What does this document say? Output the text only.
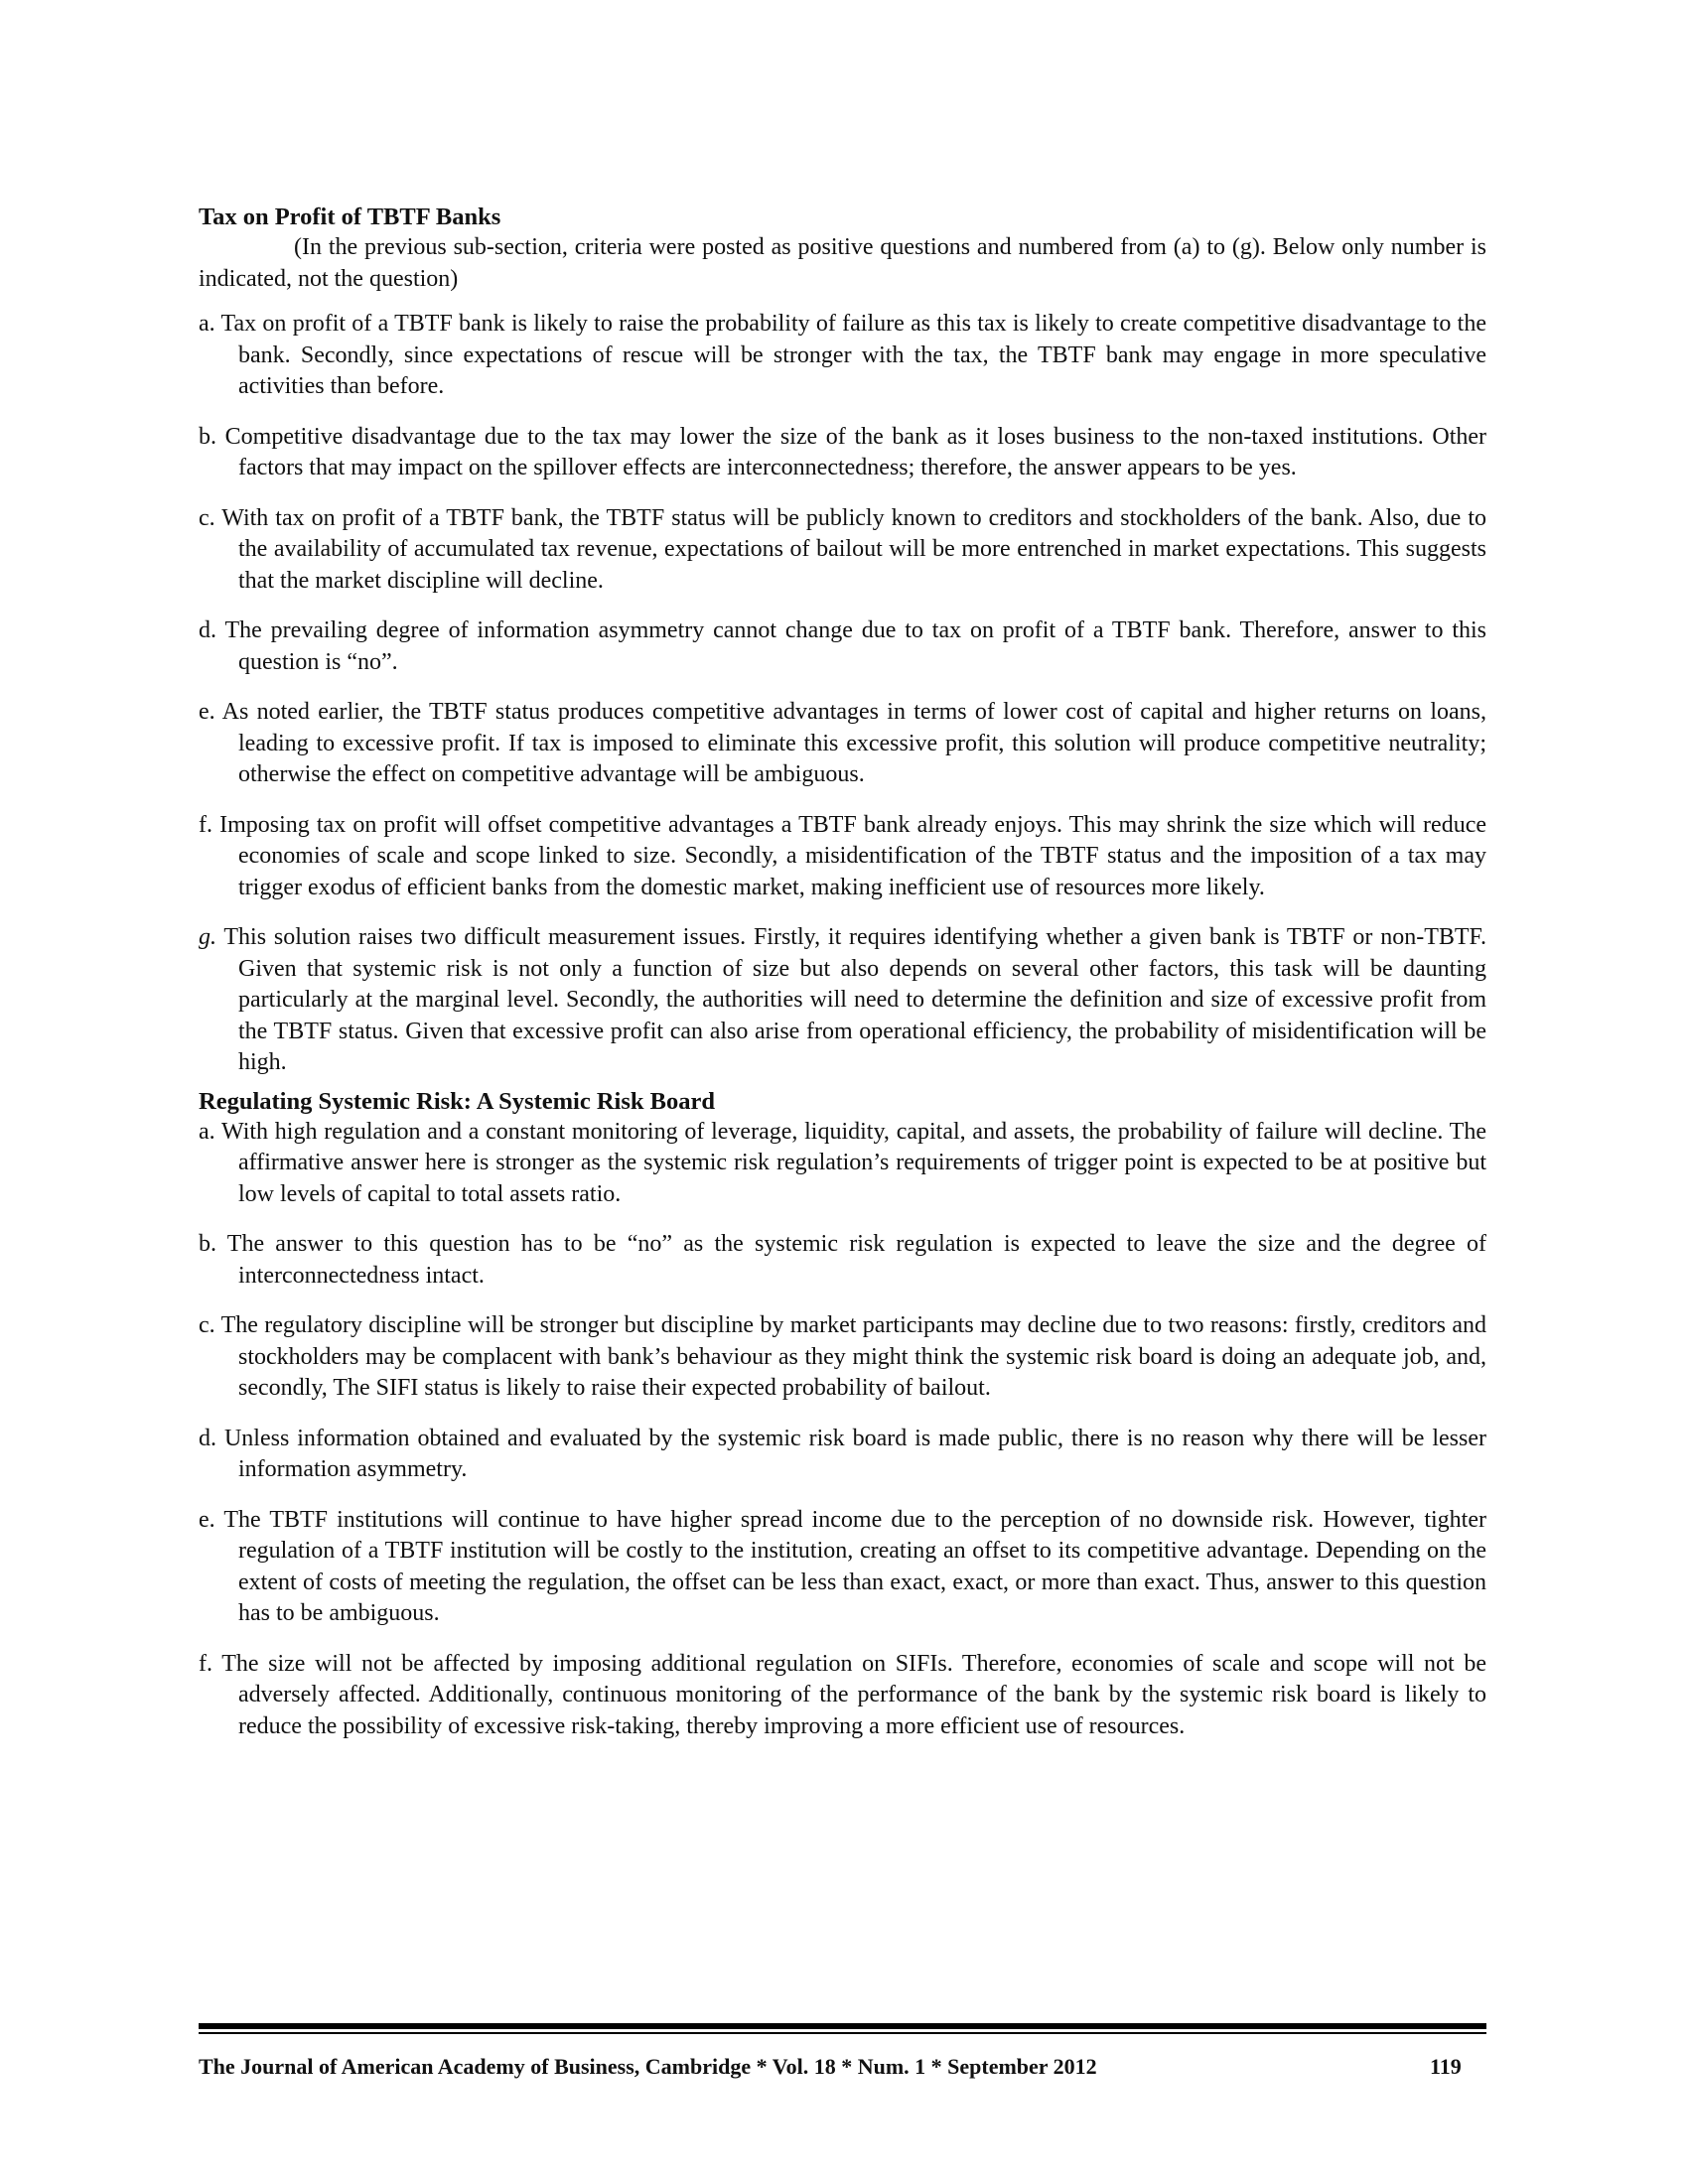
Tax on Profit of TBTF Banks

(In the previous sub-section, criteria were posted as positive questions and numbered from (a) to (g). Below only number is indicated, not the question)

a. Tax on profit of a TBTF bank is likely to raise the probability of failure as this tax is likely to create competitive disadvantage to the bank. Secondly, since expectations of rescue will be stronger with the tax, the TBTF bank may engage in more speculative activities than before.

b. Competitive disadvantage due to the tax may lower the size of the bank as it loses business to the non-taxed institutions. Other factors that may impact on the spillover effects are interconnectedness; therefore, the answer appears to be yes.

c. With tax on profit of a TBTF bank, the TBTF status will be publicly known to creditors and stockholders of the bank. Also, due to the availability of accumulated tax revenue, expectations of bailout will be more entrenched in market expectations. This suggests that the market discipline will decline.

d. The prevailing degree of information asymmetry cannot change due to tax on profit of a TBTF bank. Therefore, answer to this question is “no”.

e. As noted earlier, the TBTF status produces competitive advantages in terms of lower cost of capital and higher returns on loans, leading to excessive profit. If tax is imposed to eliminate this excessive profit, this solution will produce competitive neutrality; otherwise the effect on competitive advantage will be ambiguous.

f. Imposing tax on profit will offset competitive advantages a TBTF bank already enjoys. This may shrink the size which will reduce economies of scale and scope linked to size. Secondly, a misidentification of the TBTF status and the imposition of a tax may trigger exodus of efficient banks from the domestic market, making inefficient use of resources more likely.

g. This solution raises two difficult measurement issues. Firstly, it requires identifying whether a given bank is TBTF or non-TBTF. Given that systemic risk is not only a function of size but also depends on several other factors, this task will be daunting particularly at the marginal level. Secondly, the authorities will need to determine the definition and size of excessive profit from the TBTF status. Given that excessive profit can also arise from operational efficiency, the probability of misidentification will be high.

Regulating Systemic Risk: A Systemic Risk Board

a. With high regulation and a constant monitoring of leverage, liquidity, capital, and assets, the probability of failure will decline. The affirmative answer here is stronger as the systemic risk regulation’s requirements of trigger point is expected to be at positive but low levels of capital to total assets ratio.

b. The answer to this question has to be “no” as the systemic risk regulation is expected to leave the size and the degree of interconnectedness intact.

c. The regulatory discipline will be stronger but discipline by market participants may decline due to two reasons: firstly, creditors and stockholders may be complacent with bank’s behaviour as they might think the systemic risk board is doing an adequate job, and, secondly, The SIFI status is likely to raise their expected probability of bailout.

d. Unless information obtained and evaluated by the systemic risk board is made public, there is no reason why there will be lesser information asymmetry.

e. The TBTF institutions will continue to have higher spread income due to the perception of no downside risk. However, tighter regulation of a TBTF institution will be costly to the institution, creating an offset to its competitive advantage. Depending on the extent of costs of meeting the regulation, the offset can be less than exact, exact, or more than exact. Thus, answer to this question has to be ambiguous.

f. The size will not be affected by imposing additional regulation on SIFIs. Therefore, economies of scale and scope will not be adversely affected. Additionally, continuous monitoring of the performance of the bank by the systemic risk board is likely to reduce the possibility of excessive risk-taking, thereby improving a more efficient use of resources.

The Journal of American Academy of Business, Cambridge * Vol. 18 * Num. 1 * September 2012	119
